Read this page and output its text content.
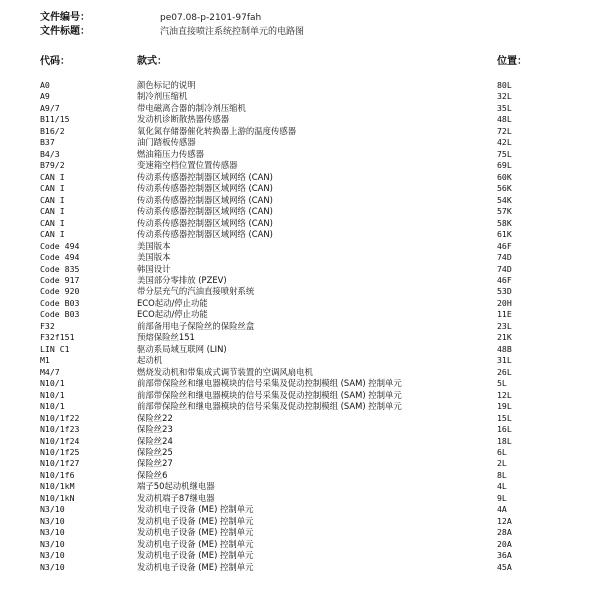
文件编号：	pe07.08-p-2101-97fah
文件标题：	汽油直接喷注系统控制单元的电路图
代码：	款式：	位置：
A0	颜色标记的说明	80L
A9	制冷剂压缩机	32L
A9/7	带电磁离合器的制冷剂压缩机	35L
B11/15	发动机诊断散热器传感器	48L
B16/2	氧化氮存储器催化转换器上游的温度传感器	72L
B37	油门踏板传感器	42L
B4/3	燃油箱压力传感器	75L
B79/2	变速箱空档位置位置传感器	69L
CAN I	传动系传感器控制器区域网络 (CAN)	60K
CAN I	传动系传感器控制器区域网络 (CAN)	56K
CAN I	传动系传感器控制器区域网络 (CAN)	54K
CAN I	传动系传感器控制器区域网络 (CAN)	57K
CAN I	传动系传感器控制器区域网络 (CAN)	58K
CAN I	传动系传感器控制器区域网络 (CAN)	61K
Code 494	美国版本	46F
Code 494	美国版本	74D
Code 835	韩国设计	74D
Code 917	美国部分零排放 (PZEV)	46F
Code 920	带分层充气的汽油直接喷射系统	53D
Code B03	ECO起动/停止功能	20H
Code B03	ECO起动/停止功能	11E
F32	前部备用电子保险丝的保险丝盒	23L
F32f151	预熔保险丝151	21K
LIN C1	驱动系局域互联网 (LIN)	48B
M1	起动机	31L
M4/7	燃烧发动机和带集成式调节装置的空调风扇电机	26L
N10/1	前部带保险丝和继电器模块的信号采集及促动控制模组 (SAM) 控制单元	5L
N10/1	前部带保险丝和继电器模块的信号采集及促动控制模组 (SAM) 控制单元	12L
N10/1	前部带保险丝和继电器模块的信号采集及促动控制模组 (SAM) 控制单元	19L
N10/1f22	保险丝22	15L
N10/1f23	保险丝23	16L
N10/1f24	保险丝24	18L
N10/1f25	保险丝25	6L
N10/1f27	保险丝27	2L
N10/1f6	保险丝6	8L
N10/1kM	端子50起动机继电器	4L
N10/1kN	发动机端子87继电器	9L
N3/10	发动机电子设备 (ME) 控制单元	4A
N3/10	发动机电子设备 (ME) 控制单元	12A
N3/10	发动机电子设备 (ME) 控制单元	28A
N3/10	发动机电子设备 (ME) 控制单元	20A
N3/10	发动机电子设备 (ME) 控制单元	36A
N3/10	发动机电子设备 (ME) 控制单元	45A
